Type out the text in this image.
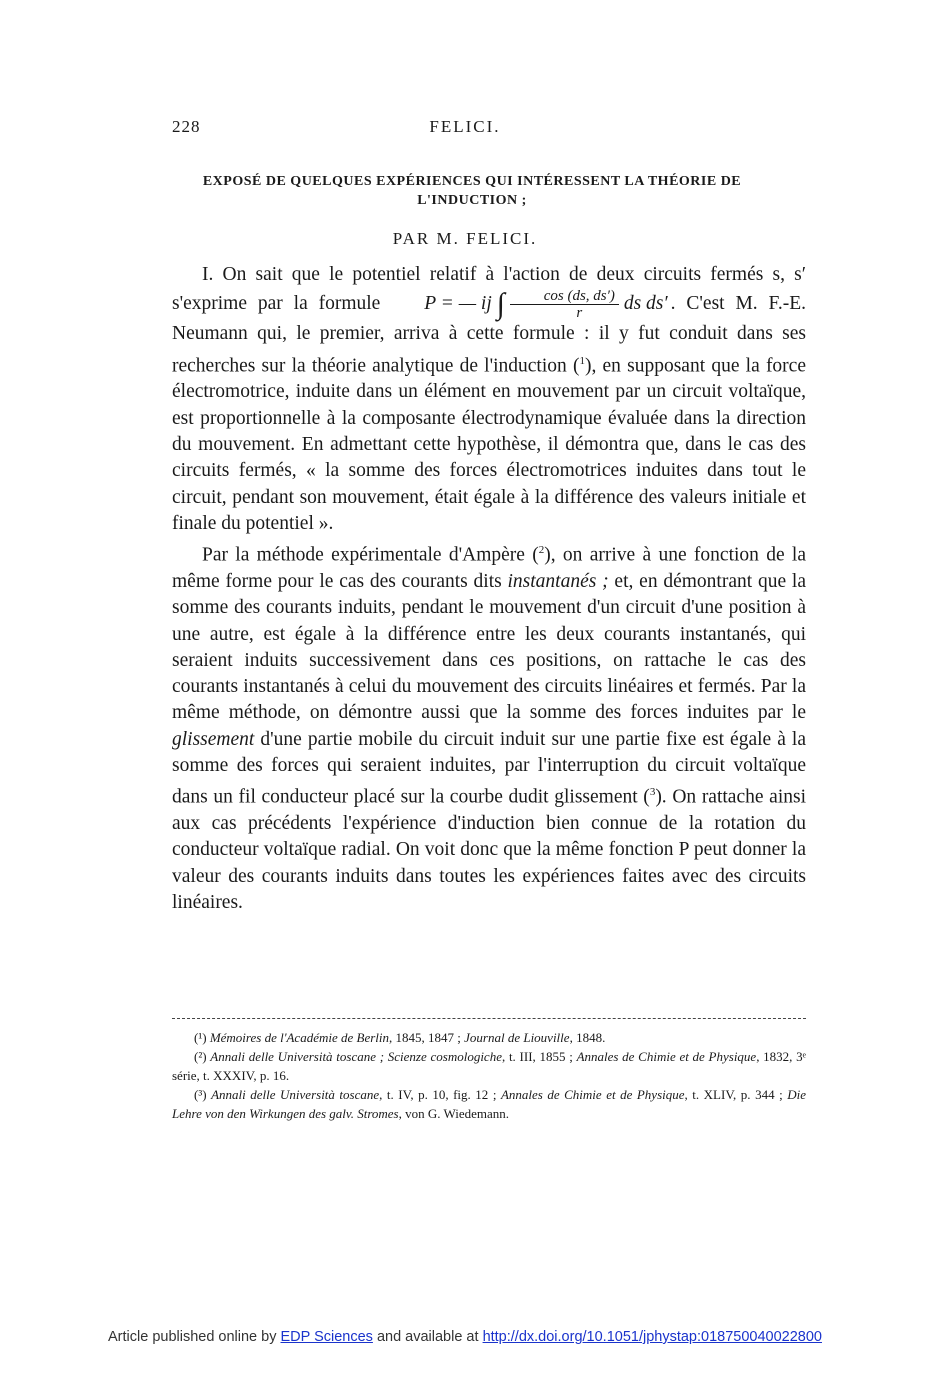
228	FELICI.
EXPOSÉ DE QUELQUES EXPÉRIENCES QUI INTÉRESSENT LA THÉORIE DE L'INDUCTION ;
PAR M. FELICI.

I. On sait que le potentiel relatif à l'action de deux circuits fermés s, s′ s'exprime par la formule P = — ij ∫ $\frac{\cos (ds, ds')}{r}$ ds ds′ . C'est M. F.-E. Neumann qui, le premier, arriva à cette formule : il y fut conduit dans ses recherches sur la théorie analytique de l'induction ($^1$), en supposant que la force électromotrice, induite dans un élément en mouvement par un circuit voltaïque, est proportionnelle à la composante électrodynamique évaluée dans la direction du mouvement. En admettant cette hypothèse, il démontra que, dans le cas des circuits fermés, « la somme des forces électromotrices induites dans tout le circuit, pendant son mouvement, était égale à la différence des valeurs initiale et finale du potentiel ».

Par la méthode expérimentale d'Ampère ($^2$), on arrive à une fonction de la même forme pour le cas des courants dits instantanés ; et, en démontrant que la somme des courants induits, pendant le mouvement d'un circuit d'une position à une autre, est égale à la différence entre les deux courants instantanés, qui seraient induits successivement dans ces positions, on rattache le cas des courants instantanés à celui du mouvement des circuits linéaires et fermés. Par la même méthode, on démontre aussi que la somme des forces induites par le glissement d'une partie mobile du circuit induit sur une partie fixe est égale à la somme des forces qui seraient induites, par l'interruption du circuit voltaïque dans un fil conducteur placé sur la courbe dudit glissement ($^3$). On rattache ainsi aux cas précédents l'expérience d'induction bien connue de la rotation du conducteur voltaïque radial. On voit donc que la même fonction P peut donner la valeur des courants induits dans toutes les expériences faites avec des circuits linéaires.

(¹) Mémoires de l'Académie de Berlin, 1845, 1847 ; Journal de Liouville, 1848.

(²) Annali delle Università toscane ; Scienze cosmologiche, t. III, 1855 ; Annales de Chimie et de Physique, 1832, 3ᵉ série, t. XXXIV, p. 16.

(³) Annali delle Università toscane, t. IV, p. 10, fig. 12 ; Annales de Chimie et de Physique, t. XLIV, p. 344 ; Die Lehre von den Wirkungen des galv. Stromes, von G. Wiedemann.

Article published online by EDP Sciences and available at http://dx.doi.org/10.1051/jphystap:018750040022800
